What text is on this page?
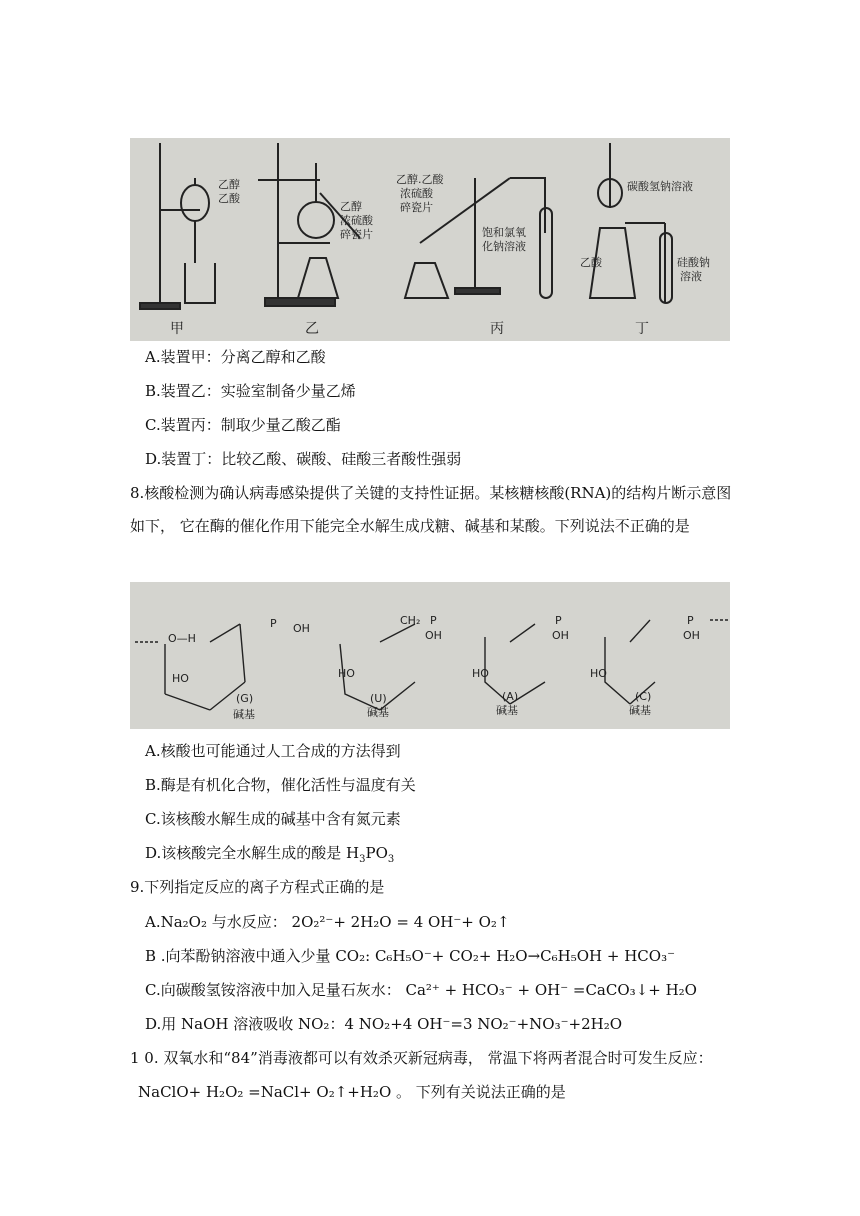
乙醇
乙酸
乙醇
浓硫酸
碎瓷片
乙醇.乙酸
浓硫酸
碎瓷片
饱和氯氧
化钠溶液
碳酸氢钠溶液
乙酸	硅酸钠
溶液
甲	乙	丙	丁
A.装置甲：分离乙醇和乙酸
B.装置乙：实验室制备少量乙烯
C.装置丙：制取少量乙酸乙酯
D.装置丁：比较乙酸、碳酸、硅酸三者酸性强弱
8.核酸检测为确认病毒感染提供了关键的支持性证据。某核糖核酸(RNA)的结构片断示意图
如下， 它在酶的催化作用下能完全水解生成戊糖、碱基和某酸。下列说法不正确的是
P OH
CH₂ P
OH
P
OH
P
OH
O—H
HO	HO	HO	HO
(G)	(U)	(A)	(C)
碱基	碱基	碱基	碱基
A.核酸也可能通过人工合成的方法得到
B.酶是有机化合物，催化活性与温度有关
C.该核酸水解生成的碱基中含有氮元素
D.该核酸完全水解生成的酸是 $H_3PO_3$
9.下列指定反应的离子方程式正确的是
A.Na₂O₂ 与水反应： 2O₂²⁻+ 2H₂O = 4 OH⁻+ O₂↑
B .向苯酚钠溶液中通入少量 CO₂: C₆H₅O⁻+ CO₂+ H₂O→C₆H₅OH + HCO₃⁻
C.向碳酸氢铵溶液中加入足量石灰水： Ca²⁺ + HCO₃⁻ + OH⁻ =CaCO₃↓+ H₂O
D.用 NaOH 溶液吸收 NO₂：4 NO₂+4 OH⁻=3 NO₂⁻+NO₃⁻+2H₂O
1 0. 双氧水和“84”消毒液都可以有效杀灭新冠病毒， 常温下将两者混合时可发生反应：
NaClO+ H₂O₂ =NaCl+ O₂↑+H₂O 。 下列有关说法正确的是
